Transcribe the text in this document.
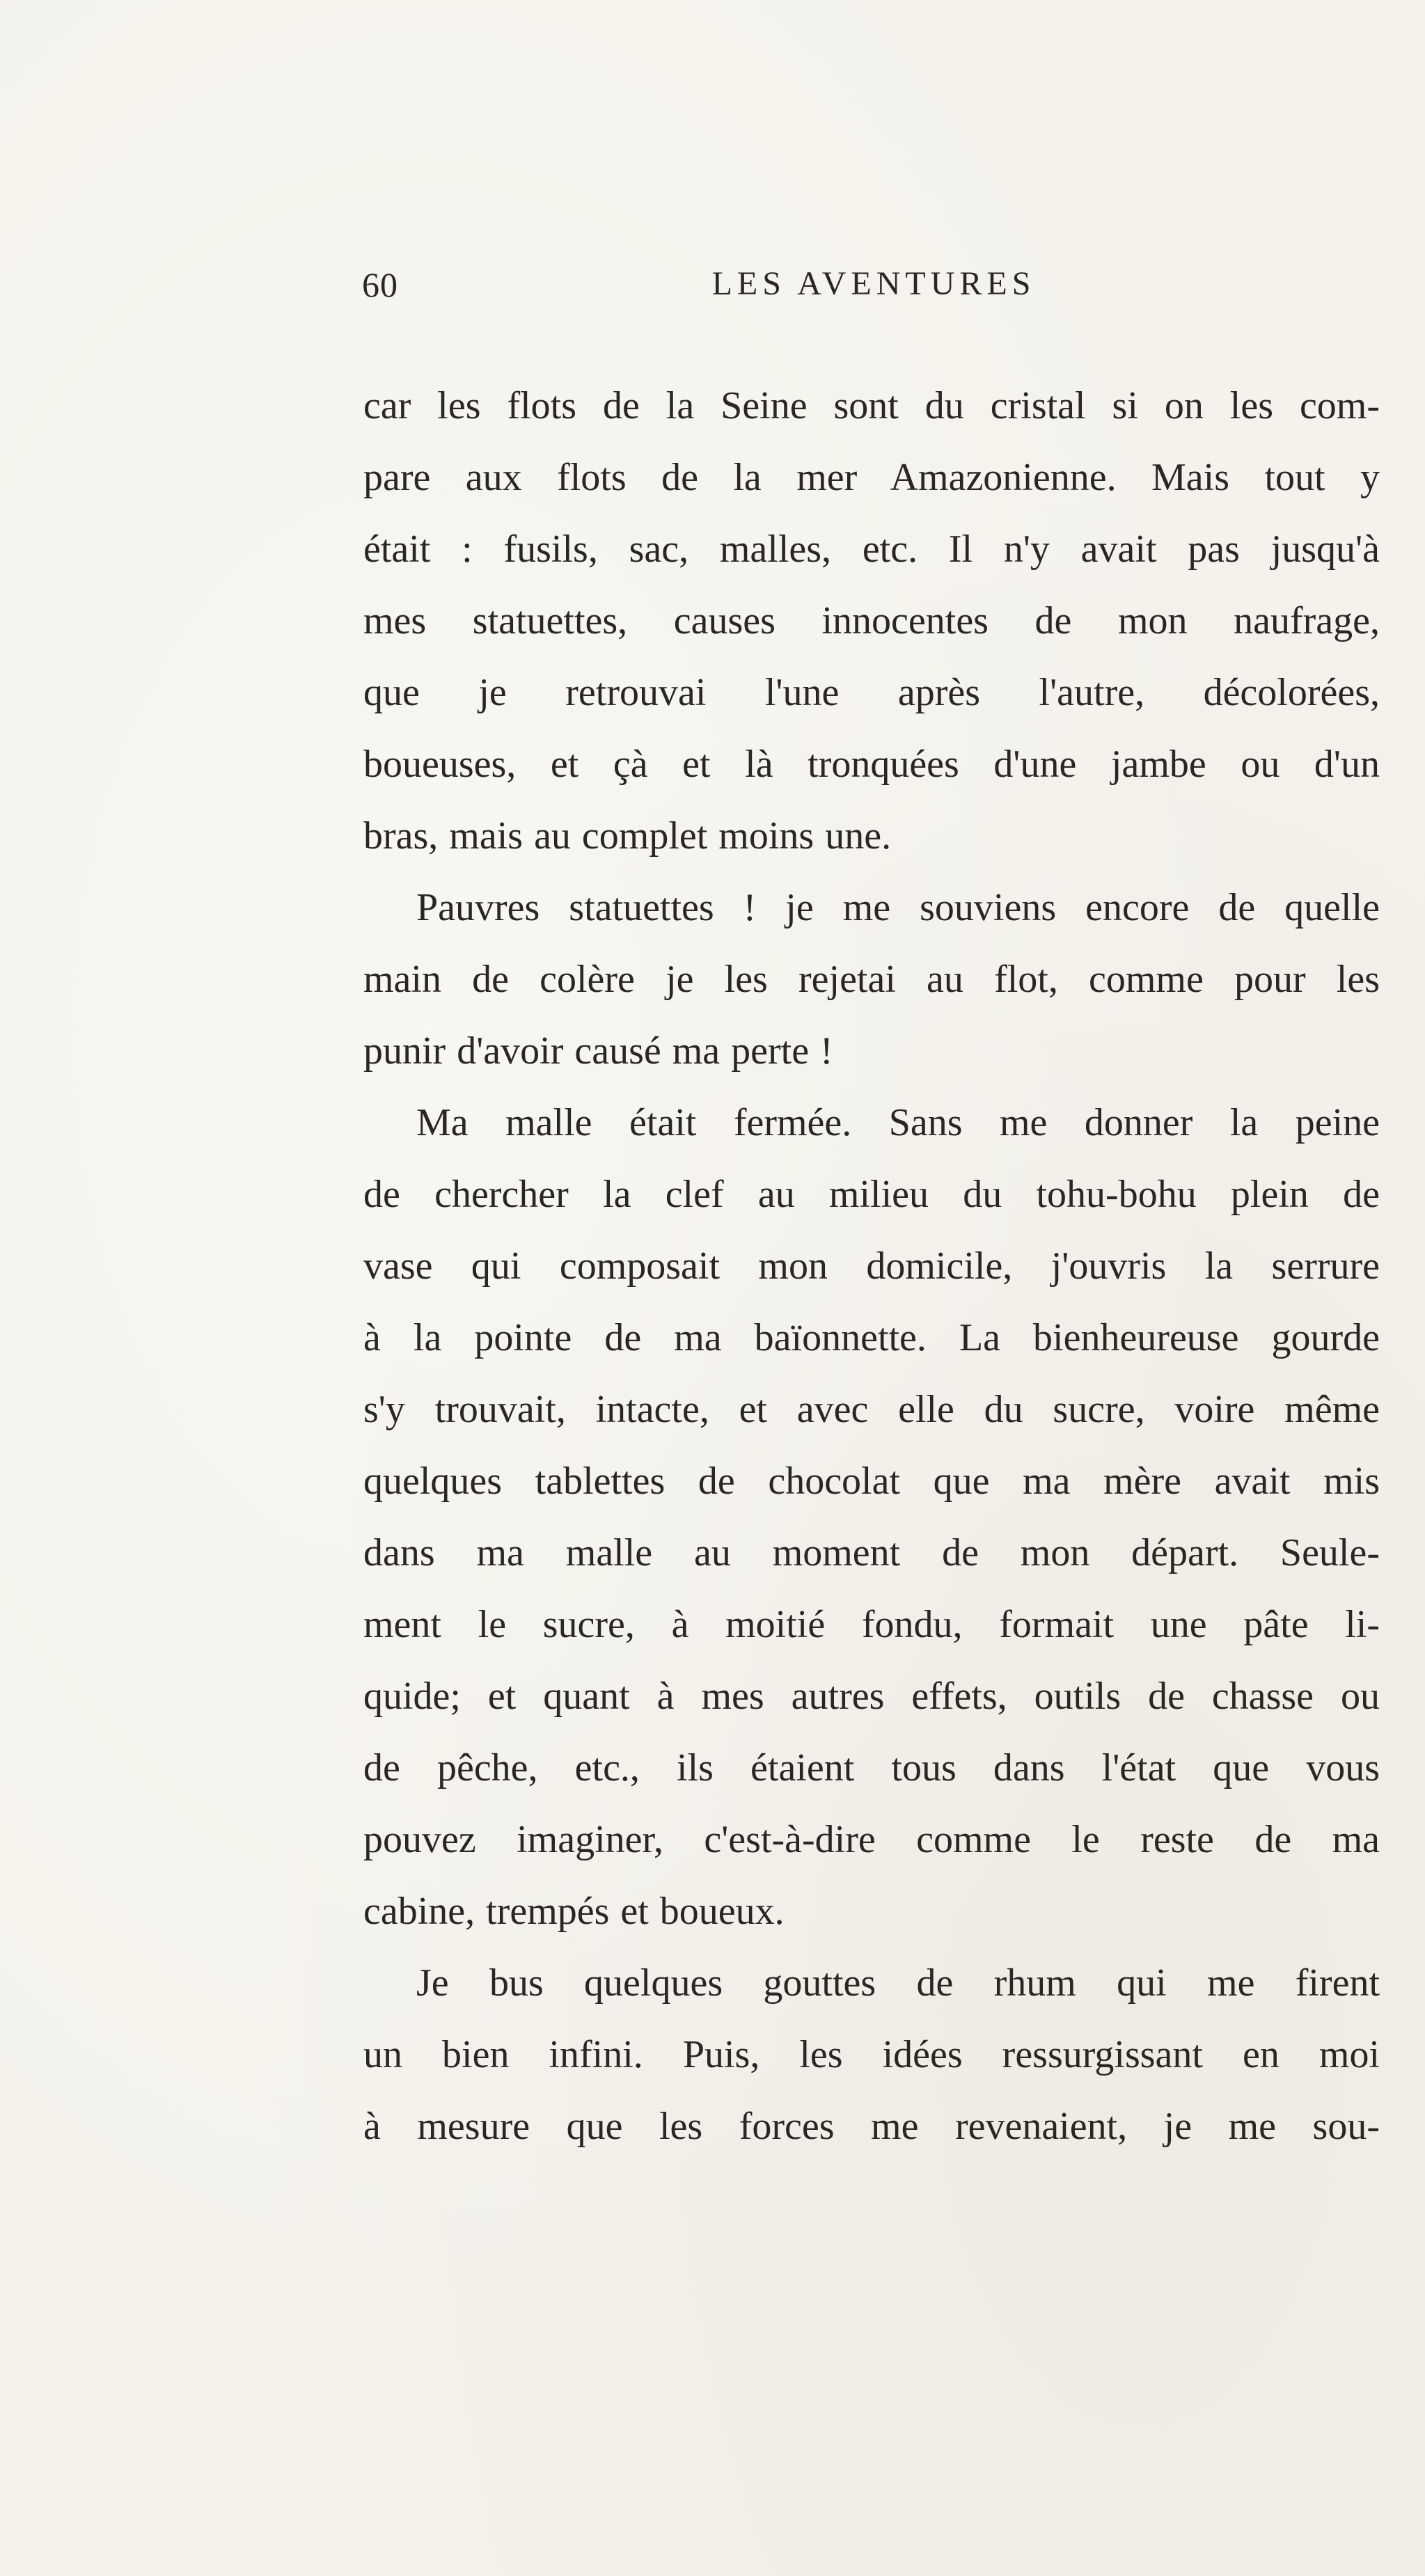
60	LES AVENTURES
car les flots de la Seine sont du cristal si on les com-
pare aux flots de la mer Amazonienne. Mais tout y
était : fusils, sac, malles, etc. Il n'y avait pas jusqu'à
mes statuettes, causes innocentes de mon naufrage,
que je retrouvai l'une après l'autre, décolorées,
boueuses, et çà et là tronquées d'une jambe ou d'un
bras, mais au complet moins une.
Pauvres statuettes ! je me souviens encore de quelle
main de colère je les rejetai au flot, comme pour les
punir d'avoir causé ma perte !
Ma malle était fermée. Sans me donner la peine
de chercher la clef au milieu du tohu-bohu plein de
vase qui composait mon domicile, j'ouvris la serrure
à la pointe de ma baïonnette. La bienheureuse gourde
s'y trouvait, intacte, et avec elle du sucre, voire même
quelques tablettes de chocolat que ma mère avait mis
dans ma malle au moment de mon départ. Seule-
ment le sucre, à moitié fondu, formait une pâte li-
quide; et quant à mes autres effets, outils de chasse ou
de pêche, etc., ils étaient tous dans l'état que vous
pouvez imaginer, c'est-à-dire comme le reste de ma
cabine, trempés et boueux.
Je bus quelques gouttes de rhum qui me firent
un bien infini. Puis, les idées ressurgissant en moi
à mesure que les forces me revenaient, je me sou-
